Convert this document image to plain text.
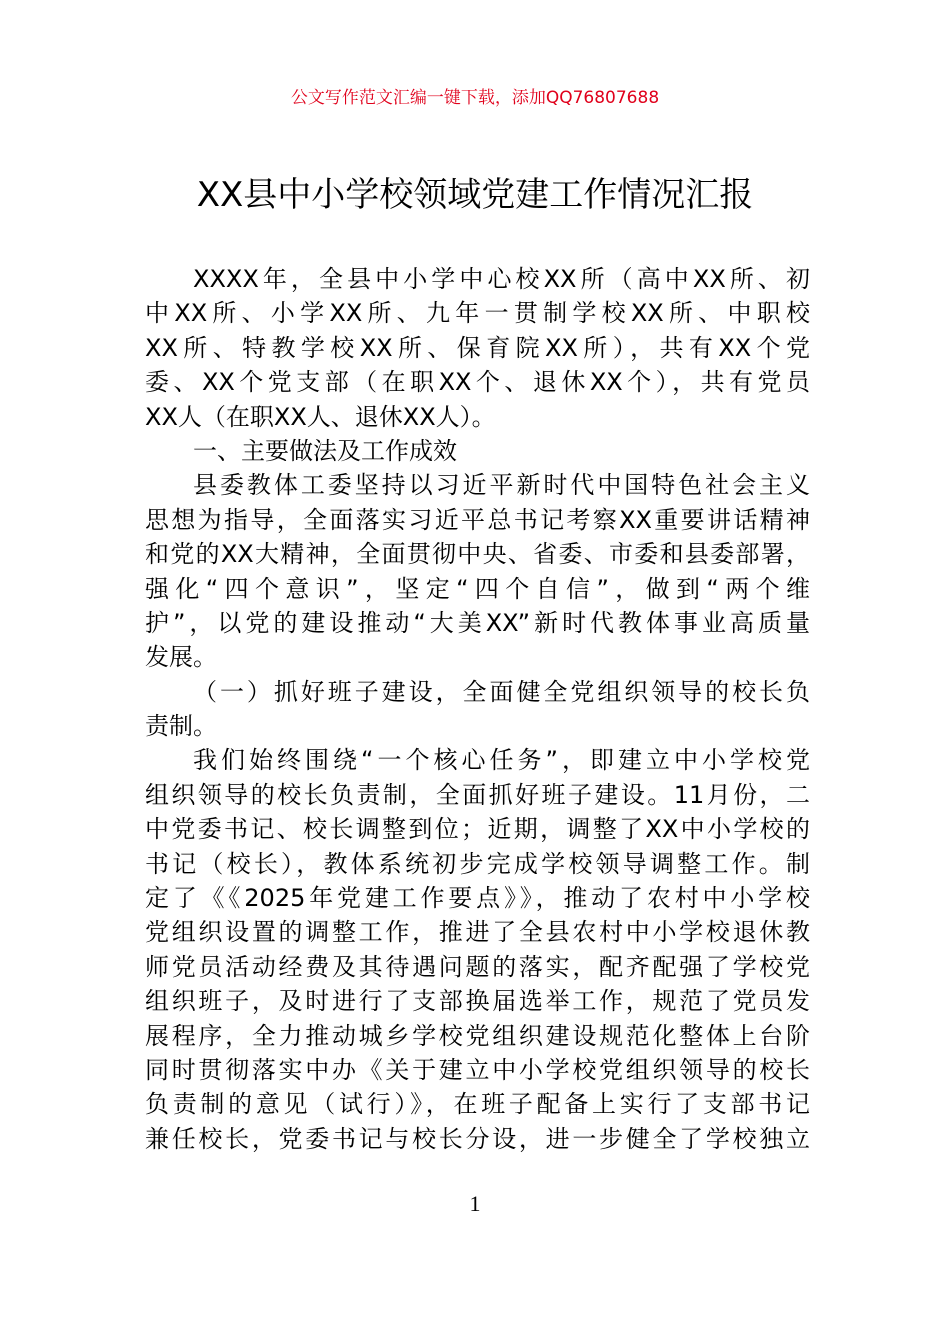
公文写作范文汇编一键下载，添加QQ76807688
XX县中小学校领域党建工作情况汇报
XXXX年，全县中小学中心校XX所（高中XX所、初
中XX所、小学XX所、九年一贯制学校XX所、中职校
XX所、特教学校XX所、保育院XX所），共有XX个党
委、XX个党支部（在职XX个、退休XX个），共有党员
XX人（在职XX人、退休XX人）。
一、主要做法及工作成效
县委教体工委坚持以习近平新时代中国特色社会主义
思想为指导，全面落实习近平总书记考察XX重要讲话精神
和党的XX大精神，全面贯彻中央、省委、市委和县委部署，
强化“四个意识”，坚定“四个自信”，做到“两个维
护”，以党的建设推动“大美XX”新时代教体事业高质量
发展。
（一）抓好班子建设，全面健全党组织领导的校长负
责制。
我们始终围绕“一个核心任务”，即建立中小学校党
组织领导的校长负责制，全面抓好班子建设。11月份，二
中党委书记、校长调整到位；近期，调整了XX中小学校的
书记（校长），教体系统初步完成学校领导调整工作。制
定了《《2025年党建工作要点》》，推动了农村中小学校
党组织设置的调整工作，推进了全县农村中小学校退休教
师党员活动经费及其待遇问题的落实，配齐配强了学校党
组织班子，及时进行了支部换届选举工作，规范了党员发
展程序，全力推动城乡学校党组织建设规范化整体上台阶
同时贯彻落实中办《关于建立中小学校党组织领导的校长
负责制的意见（试行）》，在班子配备上实行了支部书记
兼任校长，党委书记与校长分设，进一步健全了学校独立
1
